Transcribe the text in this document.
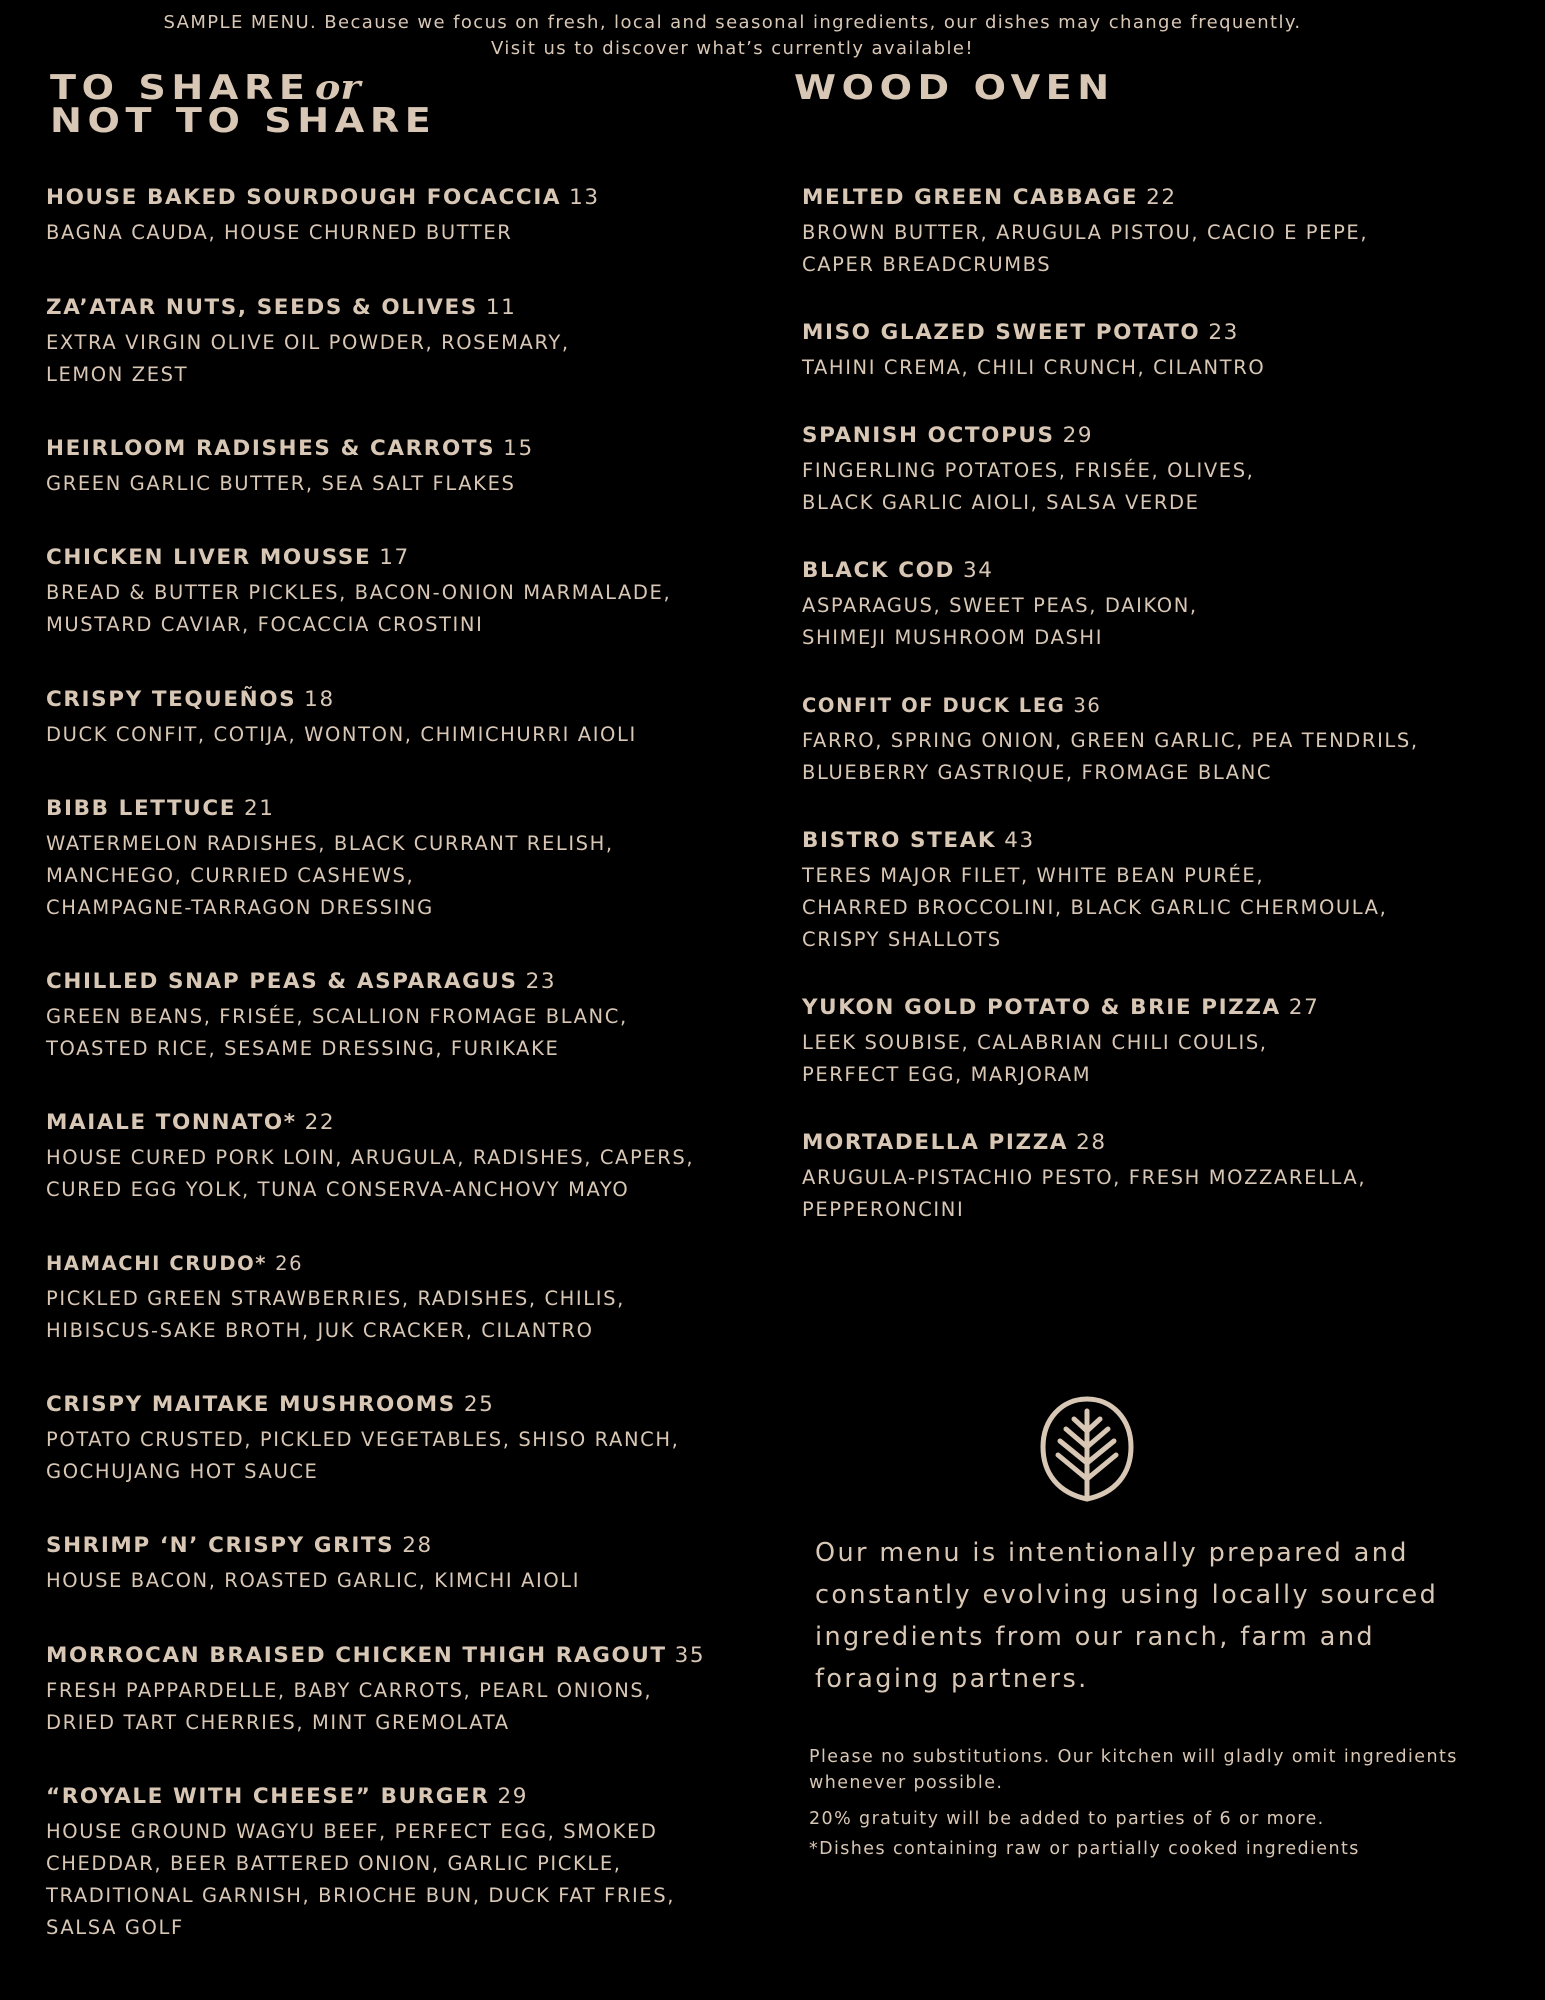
SAMPLE MENU. Because we focus on fresh, local and seasonal ingredients, our dishes may change frequently.
Visit us to discover what’s currently available!
TO SHARE or
NOT TO SHARE
HOUSE BAKED SOURDOUGH FOCACCIA 13
BAGNA CAUDA, HOUSE CHURNED BUTTER
ZA’ATAR NUTS, SEEDS & OLIVES 11
EXTRA VIRGIN OLIVE OIL POWDER, ROSEMARY,
LEMON ZEST
HEIRLOOM RADISHES & CARROTS 15
GREEN GARLIC BUTTER, SEA SALT FLAKES
CHICKEN LIVER MOUSSE 17
BREAD & BUTTER PICKLES, BACON-ONION MARMALADE,
MUSTARD CAVIAR, FOCACCIA CROSTINI
CRISPY TEQUEÑOS 18
DUCK CONFIT, COTIJA, WONTON, CHIMICHURRI AIOLI
BIBB LETTUCE 21
WATERMELON RADISHES, BLACK CURRANT RELISH,
MANCHEGO, CURRIED CASHEWS,
CHAMPAGNE-TARRAGON DRESSING
CHILLED SNAP PEAS & ASPARAGUS 23
GREEN BEANS, FRISÉE, SCALLION FROMAGE BLANC,
TOASTED RICE, SESAME DRESSING, FURIKAKE
MAIALE TONNATO* 22
HOUSE CURED PORK LOIN, ARUGULA, RADISHES, CAPERS,
CURED EGG YOLK, TUNA CONSERVA-ANCHOVY MAYO
HAMACHI CRUDO* 26
PICKLED GREEN STRAWBERRIES, RADISHES, CHILIS,
HIBISCUS-SAKE BROTH, JUK CRACKER, CILANTRO
CRISPY MAITAKE MUSHROOMS 25
POTATO CRUSTED, PICKLED VEGETABLES, SHISO RANCH,
GOCHUJANG HOT SAUCE
SHRIMP ‘N’ CRISPY GRITS 28
HOUSE BACON, ROASTED GARLIC, KIMCHI AIOLI
MORROCAN BRAISED CHICKEN THIGH RAGOUT 35
FRESH PAPPARDELLE, BABY CARROTS, PEARL ONIONS,
DRIED TART CHERRIES, MINT GREMOLATA
“ROYALE WITH CHEESE” BURGER 29
HOUSE GROUND WAGYU BEEF, PERFECT EGG, SMOKED
CHEDDAR, BEER BATTERED ONION, GARLIC PICKLE,
TRADITIONAL GARNISH, BRIOCHE BUN, DUCK FAT FRIES,
SALSA GOLF
WOOD OVEN
MELTED GREEN CABBAGE 22
BROWN BUTTER, ARUGULA PISTOU, CACIO E PEPE,
CAPER BREADCRUMBS
MISO GLAZED SWEET POTATO 23
TAHINI CREMA, CHILI CRUNCH, CILANTRO
SPANISH OCTOPUS 29
FINGERLING POTATOES, FRISÉE, OLIVES,
BLACK GARLIC AIOLI, SALSA VERDE
BLACK COD 34
ASPARAGUS, SWEET PEAS, DAIKON,
SHIMEJI MUSHROOM DASHI
CONFIT OF DUCK LEG 36
FARRO, SPRING ONION, GREEN GARLIC, PEA TENDRILS,
BLUEBERRY GASTRIQUE, FROMAGE BLANC
BISTRO STEAK 43
TERES MAJOR FILET, WHITE BEAN PURÉE,
CHARRED BROCCOLINI, BLACK GARLIC CHERMOULA,
CRISPY SHALLOTS
YUKON GOLD POTATO & BRIE PIZZA 27
LEEK SOUBISE, CALABRIAN CHILI COULIS,
PERFECT EGG, MARJORAM
MORTADELLA PIZZA 28
ARUGULA-PISTACHIO PESTO, FRESH MOZZARELLA,
PEPPERONCINI
Our menu is intentionally prepared and
constantly evolving using locally sourced
ingredients from our ranch, farm and
foraging partners.
Please no substitutions. Our kitchen will gladly omit ingredients
whenever possible.
20% gratuity will be added to parties of 6 or more.
*Dishes containing raw or partially cooked ingredients
